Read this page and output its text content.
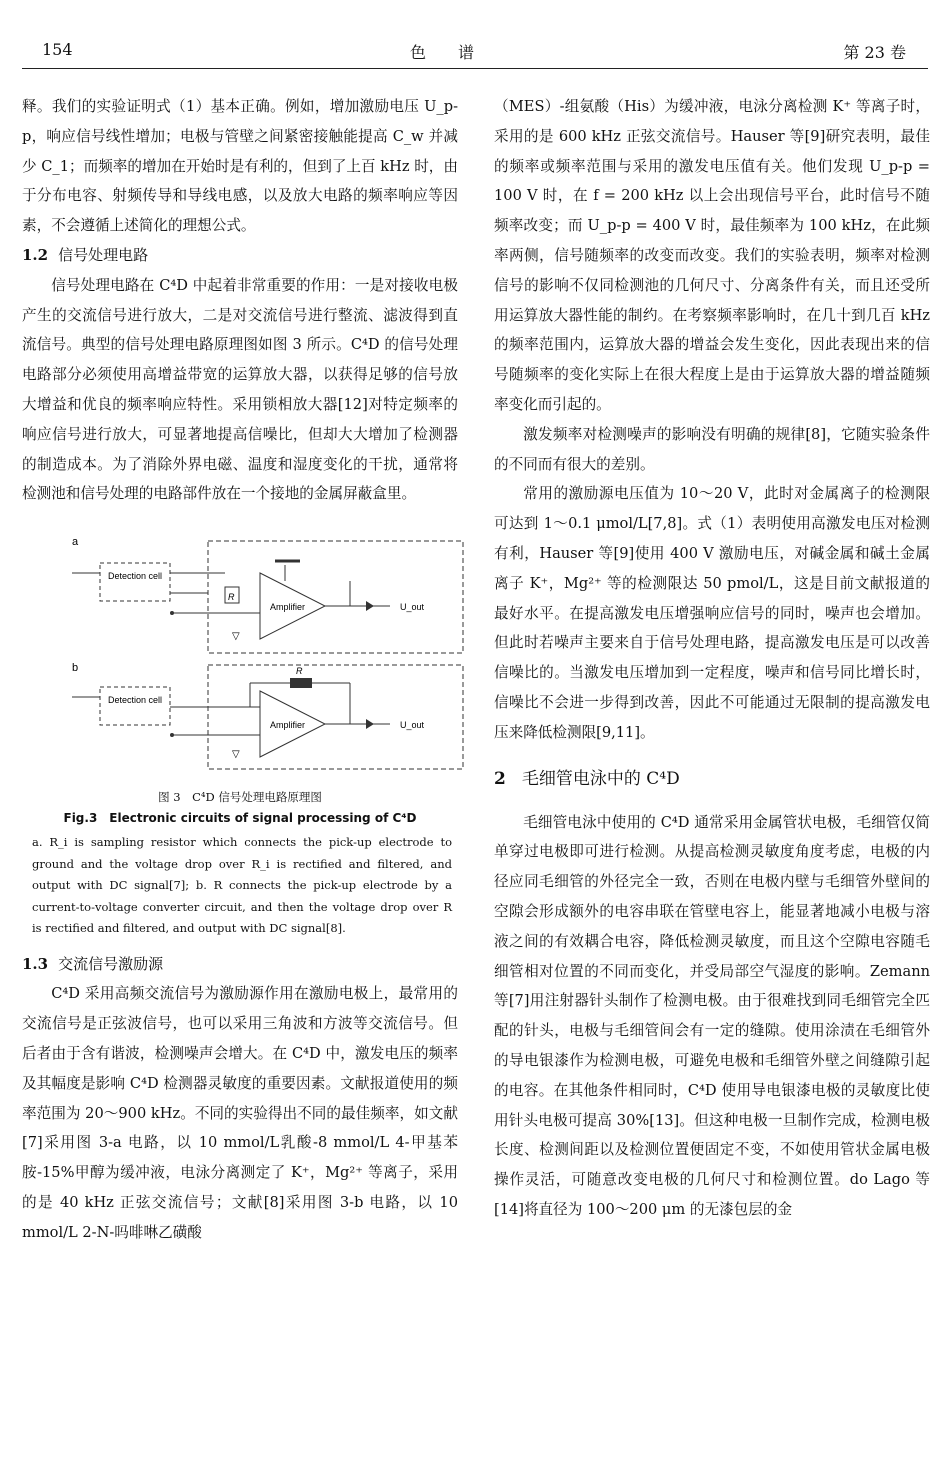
154	色　　谱	第 23 卷

释。我们的实验证明式（1）基本正确。例如，增加激励电压 U_p-p，响应信号线性增加；电极与管壁之间紧密接触能提高 C_w 并减少 C_1；而频率的增加在开始时是有利的，但到了上百 kHz 时，由于分布电容、射频传导和导线电感，以及放大电路的频率响应等因素，不会遵循上述简化的理想公式。

1.2 信号处理电路

信号处理电路在 C⁴D 中起着非常重要的作用：一是对接收电极产生的交流信号进行放大，二是对交流信号进行整流、滤波得到直流信号。典型的信号处理电路原理图如图 3 所示。C⁴D 的信号处理电路部分必须使用高增益带宽的运算放大器，以获得足够的信号放大增益和优良的频率响应特性。采用锁相放大器[12]对特定频率的响应信号进行放大，可显著地提高信噪比，但却大大增加了检测器的制造成本。为了消除外界电磁、温度和湿度变化的干扰，通常将检测池和信号处理的电路部件放在一个接地的金属屏蔽盒里。

a
Detection cell
R
Amplifier	U_out
▽
b
Detection cell
Amplifier
R
U_out
▽
图 3　C⁴D 信号处理电路原理图
Fig.3　Electronic circuits of signal processing of C⁴D
a. R_i is sampling resistor which connects the pick-up electrode to ground and the voltage drop over R_i is rectified and filtered, and output with DC signal[7]; b. R connects the pick-up electrode by a current-to-voltage converter circuit, and then the voltage drop over R is rectified and filtered, and output with DC signal[8].
1.3 交流信号激励源

C⁴D 采用高频交流信号为激励源作用在激励电极上，最常用的交流信号是正弦波信号，也可以采用三角波和方波等交流信号。但后者由于含有谐波，检测噪声会增大。在 C⁴D 中，激发电压的频率及其幅度是影响 C⁴D 检测器灵敏度的重要因素。文献报道使用的频率范围为 20～900 kHz。不同的实验得出不同的最佳频率，如文献[7]采用图 3-a 电路，以 10 mmol/L乳酸-8 mmol/L 4-甲基苯胺-15%甲醇为缓冲液，电泳分离测定了 K⁺，Mg²⁺ 等离子，采用的是 40 kHz 正弦交流信号；文献[8]采用图 3-b 电路，以 10 mmol/L 2-N-吗啡啉乙磺酸

（MES）-组氨酸（His）为缓冲液，电泳分离检测 K⁺ 等离子时，采用的是 600 kHz 正弦交流信号。Hauser 等[9]研究表明，最佳的频率或频率范围与采用的激发电压值有关。他们发现 U_p-p = 100 V 时，在 f = 200 kHz 以上会出现信号平台，此时信号不随频率改变；而 U_p-p = 400 V 时，最佳频率为 100 kHz，在此频率两侧，信号随频率的改变而改变。我们的实验表明，频率对检测信号的影响不仅同检测池的几何尺寸、分离条件有关，而且还受所用运算放大器性能的制约。在考察频率影响时，在几十到几百 kHz 的频率范围内，运算放大器的增益会发生变化，因此表现出来的信号随频率的变化实际上在很大程度上是由于运算放大器的增益随频率变化而引起的。

激发频率对检测噪声的影响没有明确的规律[8]，它随实验条件的不同而有很大的差别。

常用的激励源电压值为 10～20 V，此时对金属离子的检测限可达到 1～0.1 μmol/L[7,8]。式（1）表明使用高激发电压对检测有利，Hauser 等[9]使用 400 V 激励电压，对碱金属和碱土金属离子 K⁺，Mg²⁺ 等的检测限达 50 pmol/L，这是目前文献报道的最好水平。在提高激发电压增强响应信号的同时，噪声也会增加。但此时若噪声主要来自于信号处理电路，提高激发电压是可以改善信噪比的。当激发电压增加到一定程度，噪声和信号同比增长时，信噪比不会进一步得到改善，因此不可能通过无限制的提高激发电压来降低检测限[9,11]。

2 毛细管电泳中的 C⁴D

毛细管电泳中使用的 C⁴D 通常采用金属管状电极，毛细管仅简单穿过电极即可进行检测。从提高检测灵敏度角度考虑，电极的内径应同毛细管的外径完全一致，否则在电极内壁与毛细管外壁间的空隙会形成额外的电容串联在管壁电容上，能显著地减小电极与溶液之间的有效耦合电容，降低检测灵敏度，而且这个空隙电容随毛细管相对位置的不同而变化，并受局部空气湿度的影响。Zemann 等[7]用注射器针头制作了检测电极。由于很难找到同毛细管完全匹配的针头，电极与毛细管间会有一定的缝隙。使用涂渍在毛细管外的导电银漆作为检测电极，可避免电极和毛细管外壁之间缝隙引起的电容。在其他条件相同时，C⁴D 使用导电银漆电极的灵敏度比使用针头电极可提高 30%[13]。但这种电极一旦制作完成，检测电极长度、检测间距以及检测位置便固定不变，不如使用管状金属电极操作灵活，可随意改变电极的几何尺寸和检测位置。do Lago 等[14]将直径为 100～200 μm 的无漆包层的金
